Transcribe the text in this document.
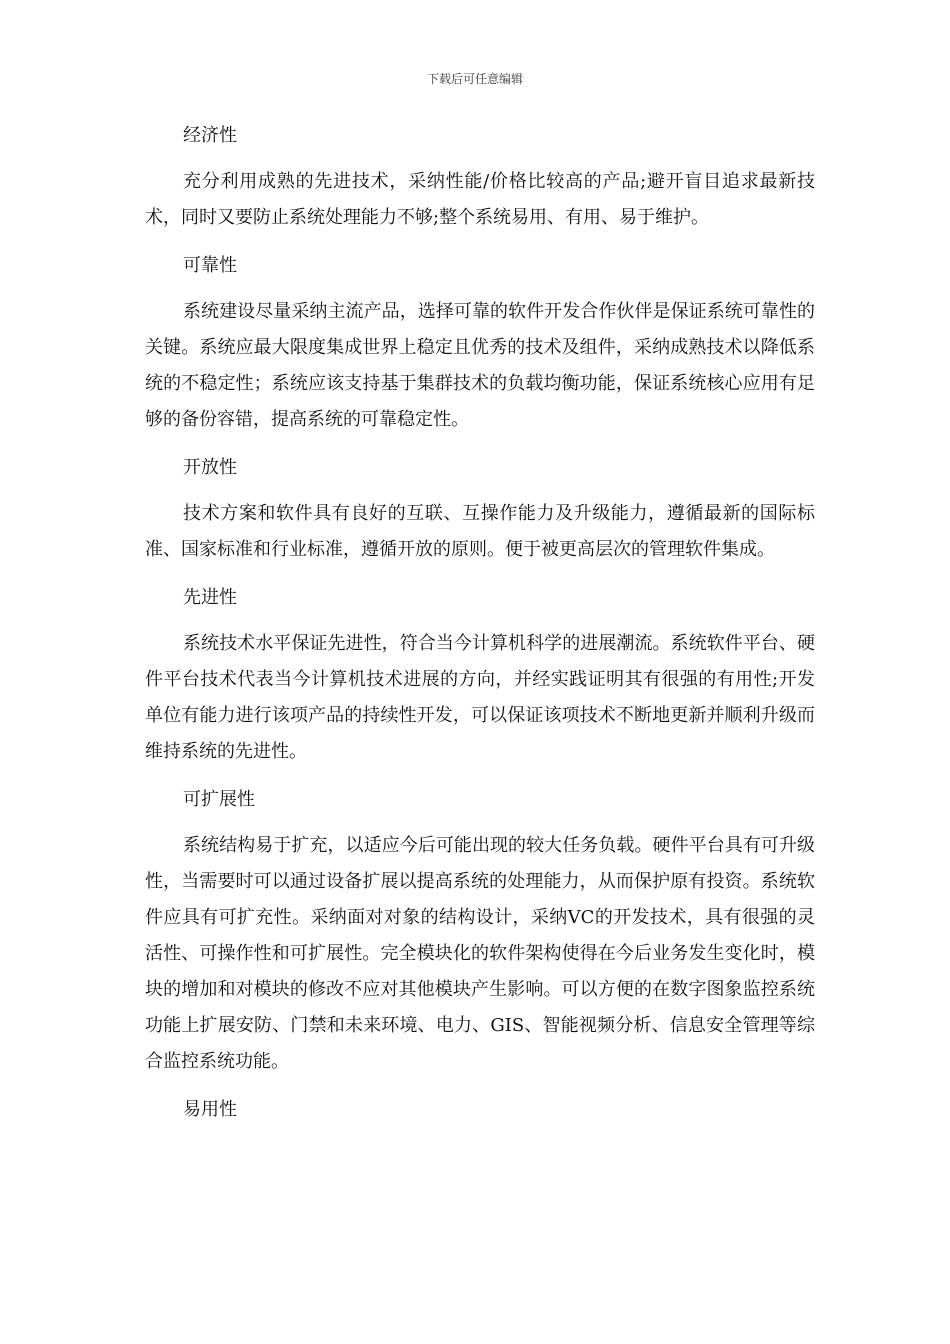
下载后可任意编辑

经济性

充分利用成熟的先进技术，采纳性能/价格比较高的产品;避开盲目追求最新技术，同时又要防止系统处理能力不够;整个系统易用、有用、易于维护。

可靠性

系统建设尽量采纳主流产品，选择可靠的软件开发合作伙伴是保证系统可靠性的关键。系统应最大限度集成世界上稳定且优秀的技术及组件，采纳成熟技术以降低系统的不稳定性；系统应该支持基于集群技术的负载均衡功能，保证系统核心应用有足够的备份容错，提高系统的可靠稳定性。

开放性

技术方案和软件具有良好的互联、互操作能力及升级能力，遵循最新的国际标准、国家标准和行业标准，遵循开放的原则。便于被更高层次的管理软件集成。

先进性

系统技术水平保证先进性，符合当今计算机科学的进展潮流。系统软件平台、硬件平台技术代表当今计算机技术进展的方向，并经实践证明其有很强的有用性;开发单位有能力进行该项产品的持续性开发，可以保证该项技术不断地更新并顺利升级而维持系统的先进性。

可扩展性

系统结构易于扩充，以适应今后可能出现的较大任务负载。硬件平台具有可升级性，当需要时可以通过设备扩展以提高系统的处理能力，从而保护原有投资。系统软件应具有可扩充性。采纳面对对象的结构设计，采纳VC的开发技术，具有很强的灵活性、可操作性和可扩展性。完全模块化的软件架构使得在今后业务发生变化时，模块的增加和对模块的修改不应对其他模块产生影响。可以方便的在数字图象监控系统功能上扩展安防、门禁和未来环境、电力、GIS、智能视频分析、信息安全管理等综合监控系统功能。

易用性
